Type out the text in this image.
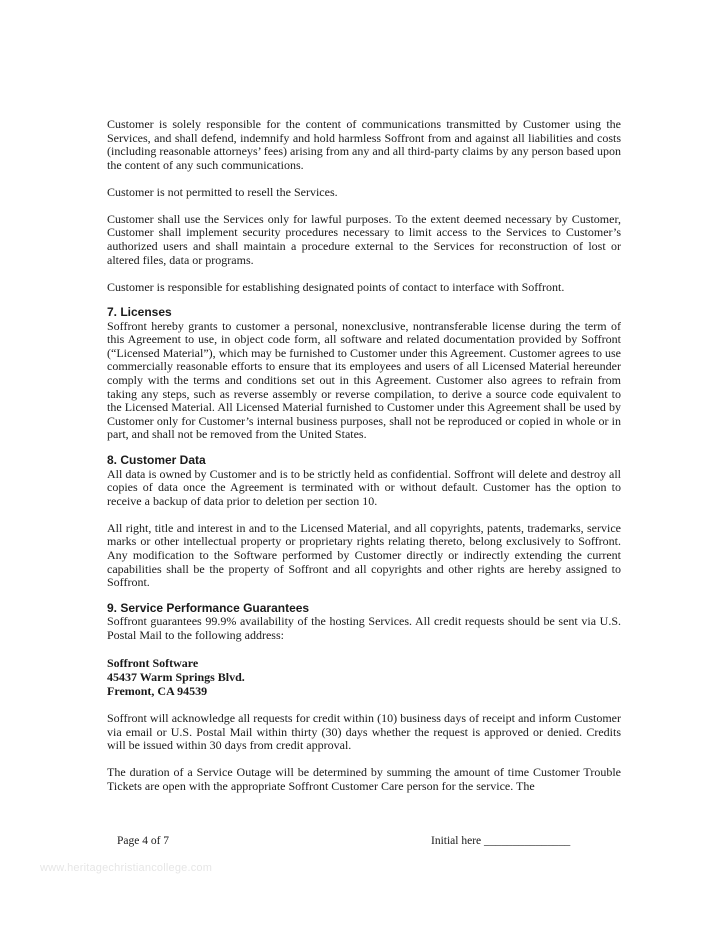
Customer is solely responsible for the content of communications transmitted by Customer using the Services, and shall defend, indemnify and hold harmless Soffront from and against all liabilities and costs (including reasonable attorneys’ fees) arising from any and all third-party claims by any person based upon the content of any such communications.

Customer is not permitted to resell the Services.

Customer shall use the Services only for lawful purposes. To the extent deemed necessary by Customer, Customer shall implement security procedures necessary to limit access to the Services to Customer’s authorized users and shall maintain a procedure external to the Services for reconstruction of lost or altered files, data or programs.

Customer is responsible for establishing designated points of contact to interface with Soffront.

7. Licenses

Soffront hereby grants to customer a personal, nonexclusive, nontransferable license during the term of this Agreement to use, in object code form, all software and related documentation provided by Soffront (“Licensed Material”), which may be furnished to Customer under this Agreement. Customer agrees to use commercially reasonable efforts to ensure that its employees and users of all Licensed Material hereunder comply with the terms and conditions set out in this Agreement. Customer also agrees to refrain from taking any steps, such as reverse assembly or reverse compilation, to derive a source code equivalent to the Licensed Material. All Licensed Material furnished to Customer under this Agreement shall be used by Customer only for Customer’s internal business purposes, shall not be reproduced or copied in whole or in part, and shall not be removed from the United States.

8. Customer Data

All data is owned by Customer and is to be strictly held as confidential. Soffront will delete and destroy all copies of data once the Agreement is terminated with or without default. Customer has the option to receive a backup of data prior to deletion per section 10.

All right, title and interest in and to the Licensed Material, and all copyrights, patents, trademarks, service marks or other intellectual property or proprietary rights relating thereto, belong exclusively to Soffront. Any modification to the Software performed by Customer directly or indirectly extending the current capabilities shall be the property of Soffront and all copyrights and other rights are hereby assigned to Soffront.

9. Service Performance Guarantees

Soffront guarantees 99.9% availability of the hosting Services. All credit requests should be sent via U.S. Postal Mail to the following address:

Soffront Software
45437 Warm Springs Blvd.
Fremont, CA 94539

Soffront will acknowledge all requests for credit within (10) business days of receipt and inform Customer via email or U.S. Postal Mail within thirty (30) days whether the request is approved or denied. Credits will be issued within 30 days from credit approval.

The duration of a Service Outage will be determined by summing the amount of time Customer Trouble Tickets are open with the appropriate Soffront Customer Care person for the service. The

Page 4 of 7	Initial here _______________
www.heritagechristiancollege.com
